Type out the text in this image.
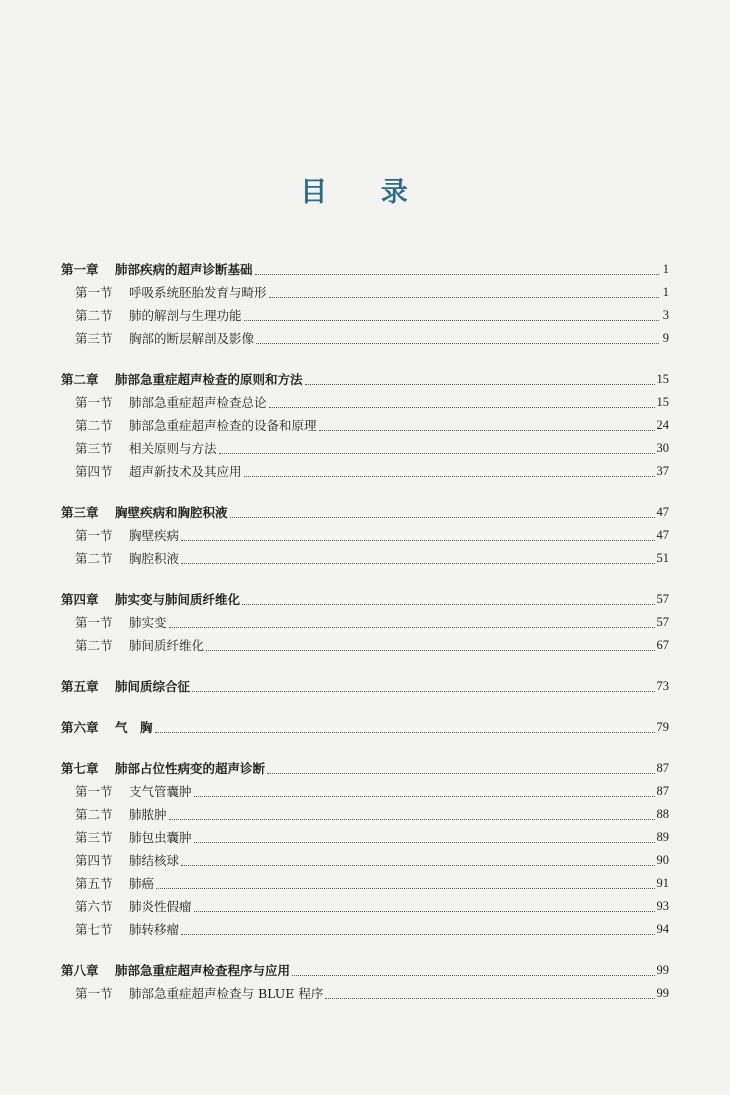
目 录
第一章	肺部疾病的超声诊断基础	1
第一节	呼吸系统胚胎发育与畸形	1
第二节	肺的解剖与生理功能	3
第三节	胸部的断层解剖及影像	9
第二章	肺部急重症超声检查的原则和方法	15
第一节	肺部急重症超声检查总论	15
第二节	肺部急重症超声检查的设备和原理	24
第三节	相关原则与方法	30
第四节	超声新技术及其应用	37
第三章	胸壁疾病和胸腔积液	47
第一节	胸壁疾病	47
第二节	胸腔积液	51
第四章	肺实变与肺间质纤维化	57
第一节	肺实变	57
第二节	肺间质纤维化	67
第五章	肺间质综合征	73
第六章	气　胸	79
第七章	肺部占位性病变的超声诊断	87
第一节	支气管囊肿	87
第二节	肺脓肿	88
第三节	肺包虫囊肿	89
第四节	肺结核球	90
第五节	肺癌	91
第六节	肺炎性假瘤	93
第七节	肺转移瘤	94
第八章	肺部急重症超声检查程序与应用	99
第一节	肺部急重症超声检查与 BLUE 程序	99
